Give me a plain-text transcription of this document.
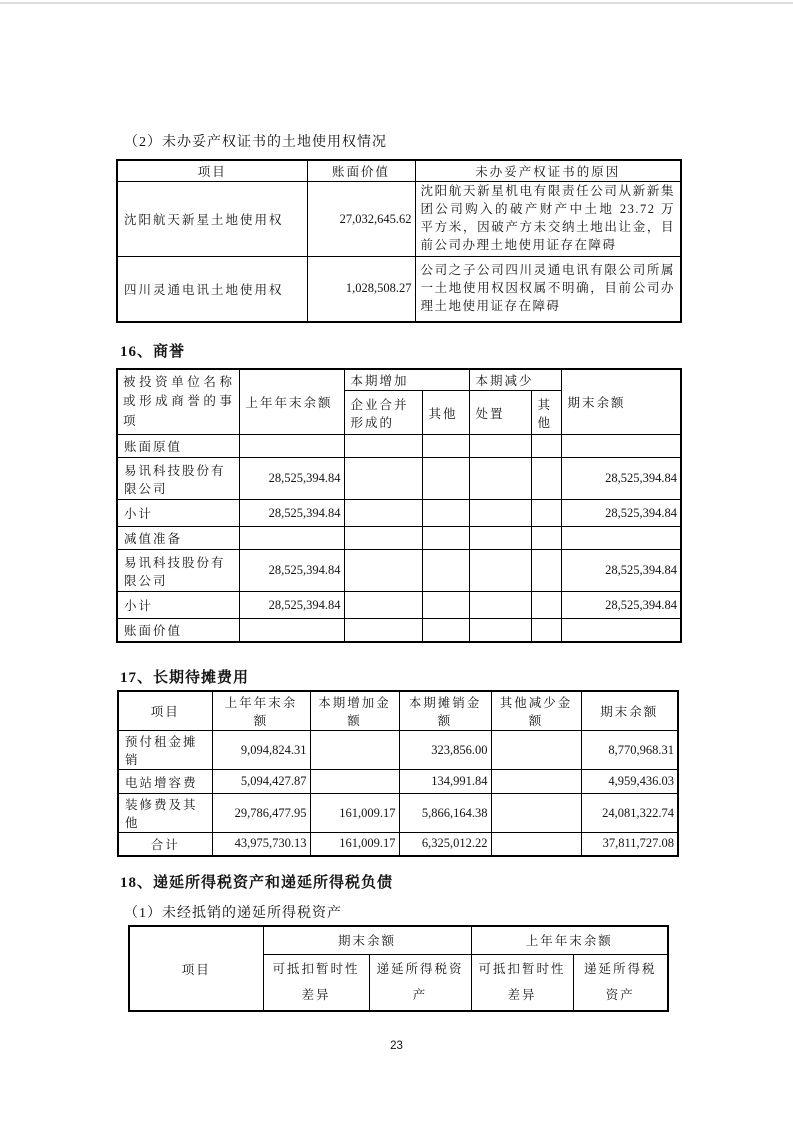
（2）未办妥产权证书的土地使用权情况
项目	账面价值	未办妥产权证书的原因
沈阳航天新星土地使用权	27,032,645.62	沈阳航天新星机电有限责任公司从新新集团公司购入的破产财产中土地 23.72 万平方米，因破产方未交纳土地出让金，目前公司办理土地使用证存在障碍
四川灵通电讯土地使用权	1,028,508.27	公司之子公司四川灵通电讯有限公司所属一土地使用权因权属不明确，目前公司办理土地使用证存在障碍
16、商誉
被投资单位名称或形成商誉的事项	上年年末余额	本期增加		本期减少		期末余额
		企业合并形成的	其他	处置	其他	
账面原值						
易讯科技股份有限公司	28,525,394.84					28,525,394.84
小计	28,525,394.84					28,525,394.84
减值准备						
易讯科技股份有限公司	28,525,394.84					28,525,394.84
小计	28,525,394.84					28,525,394.84
账面价值						
17、长期待摊费用
项目	上年年末余额	本期增加金额	本期摊销金额	其他减少金额	期末余额
预付租金摊销	9,094,824.31		323,856.00		8,770,968.31
电站增容费	5,094,427.87		134,991.84		4,959,436.03
装修费及其他	29,786,477.95	161,009.17	5,866,164.38		24,081,322.74
合计	43,975,730.13	161,009.17	6,325,012.22		37,811,727.08
18、递延所得税资产和递延所得税负债
（1）未经抵销的递延所得税资产
项目	期末余额		上年年末余额	
	可抵扣暂时性差异	递延所得税资产	可抵扣暂时性差异	递延所得税资产
23
